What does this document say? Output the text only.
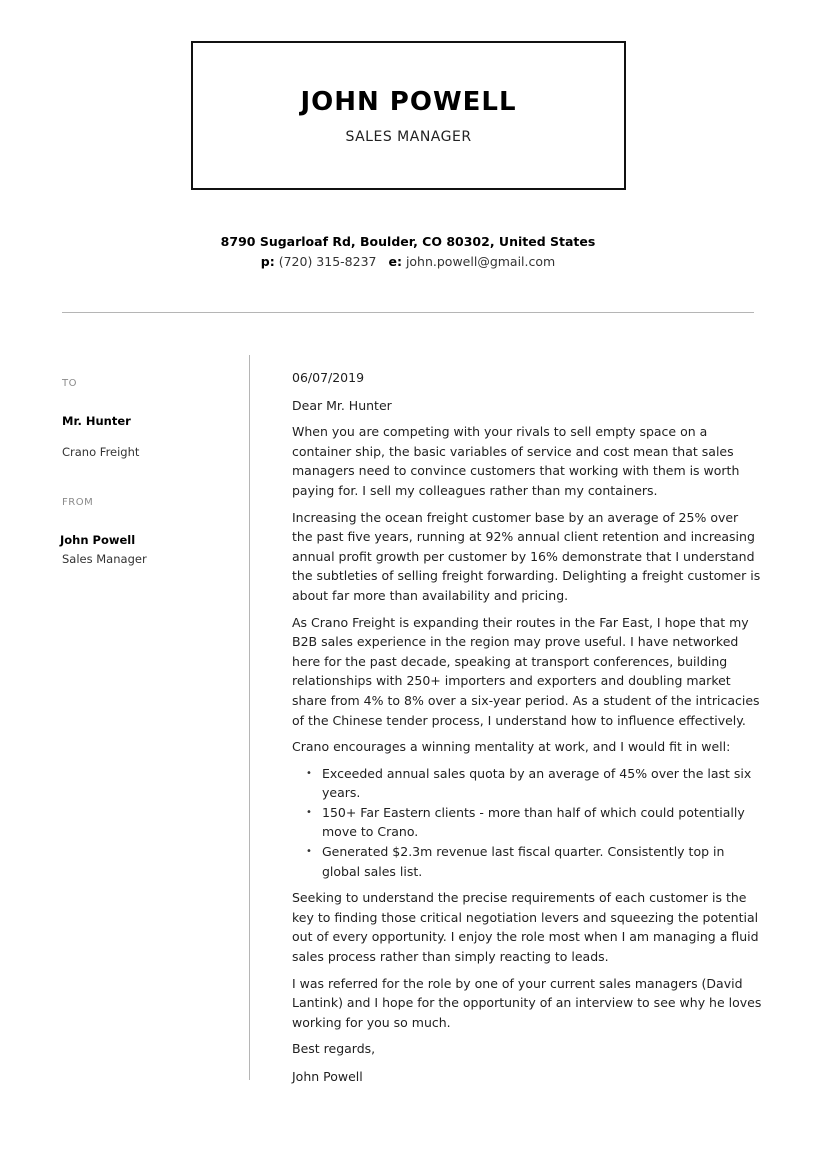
JOHN POWELL
SALES MANAGER
8790 Sugarloaf Rd, Boulder, CO 80302, United States
p: (720) 315-8237 e: john.powell@gmail.com
TO
Mr. Hunter
Crano Freight
FROM
John Powell
Sales Manager

06/07/2019

Dear Mr. Hunter

When you are competing with your rivals to sell empty space on a container ship, the basic variables of service and cost mean that sales managers need to convince customers that working with them is worth paying for. I sell my colleagues rather than my containers.

Increasing the ocean freight customer base by an average of 25% over the past five years, running at 92% annual client retention and increasing annual profit growth per customer by 16% demonstrate that I understand the subtleties of selling freight forwarding. Delighting a freight customer is about far more than availability and pricing.

As Crano Freight is expanding their routes in the Far East, I hope that my B2B sales experience in the region may prove useful. I have networked here for the past decade, speaking at transport conferences, building relationships with 250+ importers and exporters and doubling market share from 4% to 8% over a six-year period. As a student of the intricacies of the Chinese tender process, I understand how to influence effectively.

Crano encourages a winning mentality at work, and I would fit in well:

• Exceeded annual sales quota by an average of 45% over the last six years.
• 150+ Far Eastern clients - more than half of which could potentially move to Crano.
• Generated $2.3m revenue last fiscal quarter. Consistently top in global sales list.

Seeking to understand the precise requirements of each customer is the key to finding those critical negotiation levers and squeezing the potential out of every opportunity. I enjoy the role most when I am managing a fluid sales process rather than simply reacting to leads.

I was referred for the role by one of your current sales managers (David Lantink) and I hope for the opportunity of an interview to see why he loves working for you so much.

Best regards,

John Powell
